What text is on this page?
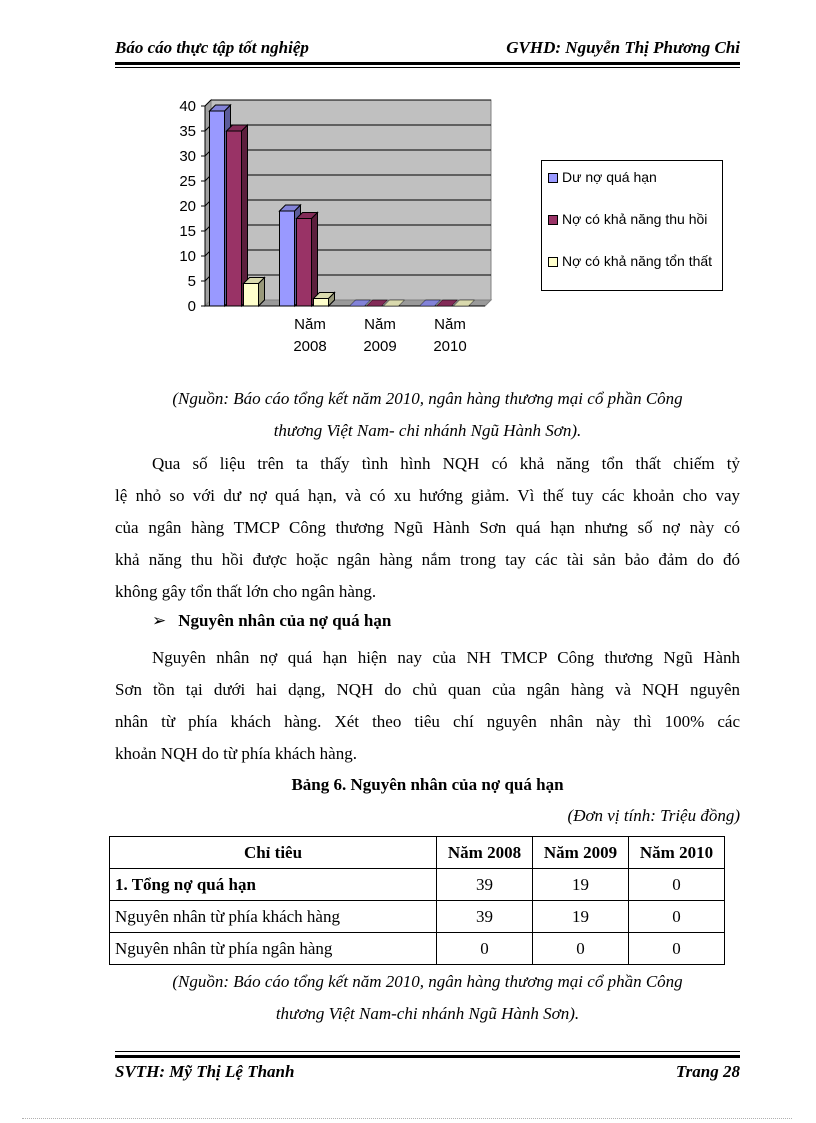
Báo cáo thực tập tốt nghiệp	GVHD: Nguyễn Thị Phương Chi
0
5
10
15
20
25
30
35
40
Năm
2008
Năm
2009
Năm
2010
Dư nợ quá hạn
Nợ có khả năng thu hồi
Nợ có khả năng tổn thất
(Nguồn: Báo cáo tổng kết năm 2010, ngân hàng thương mại cổ phần Công
thương Việt Nam- chi nhánh Ngũ Hành Sơn).
Qua số liệu trên ta thấy tình hình NQH có khả năng tổn thất chiếm tỷ
lệ nhỏ so với dư nợ quá hạn, và có xu hướng giảm. Vì thế tuy các khoản cho vay
của ngân hàng TMCP Công thương Ngũ Hành Sơn quá hạn nhưng số nợ này có
khả năng thu hồi được hoặc ngân hàng nắm trong tay các tài sản bảo đảm do đó
không gây tổn thất lớn cho ngân hàng.
➢ Nguyên nhân của nợ quá hạn
Nguyên nhân nợ quá hạn hiện nay của NH TMCP Công thương Ngũ Hành
Sơn tồn tại dưới hai dạng, NQH do chủ quan của ngân hàng và NQH nguyên
nhân từ phía khách hàng. Xét theo tiêu chí nguyên nhân này thì 100% các
khoản NQH do từ phía khách hàng.
Bảng 6. Nguyên nhân của nợ quá hạn
(Đơn vị tính: Triệu đồng)
Chỉ tiêu	Năm 2008	Năm 2009	Năm 2010
1. Tổng nợ quá hạn	39	19	0
Nguyên nhân từ phía khách hàng	39	19	0
Nguyên nhân từ phía ngân hàng	0	0	0
(Nguồn: Báo cáo tổng kết năm 2010, ngân hàng thương mại cổ phần Công
thương Việt Nam-chi nhánh Ngũ Hành Sơn).
SVTH: Mỹ Thị Lệ Thanh	Trang 28
